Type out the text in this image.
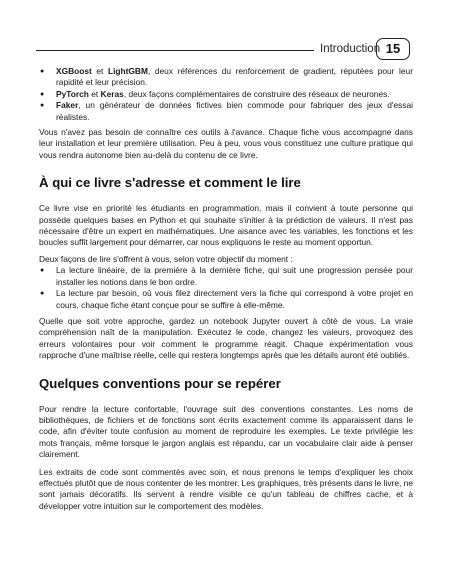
Introduction 15
● XGBoost et LightGBM, deux références du renforcement de gradient, réputées pour leur rapidité et leur précision.
● PyTorch et Keras, deux façons complémentaires de construire des réseaux de neurones.
● Faker, un générateur de données fictives bien commode pour fabriquer des jeux d'essai réalistes.

Vous n'avez pas besoin de connaître ces outils à l'avance. Chaque fiche vous accompagne dans leur installation et leur première utilisation. Peu à peu, vous vous constituez une culture pratique qui vous rendra autonome bien au-delà du contenu de ce livre.

À qui ce livre s'adresse et comment le lire

Ce livre vise en priorité les étudiants en programmation, mais il convient à toute personne qui possède quelques bases en Python et qui souhaite s'initier à la prédiction de valeurs. Il n'est pas nécessaire d'être un expert en mathématiques. Une aisance avec les variables, les fonctions et les boucles suffit largement pour démarrer, car nous expliquons le reste au moment opportun.

Deux façons de lire s'offrent à vous, selon votre objectif du moment :

● La lecture linéaire, de la première à la dernière fiche, qui suit une progression pensée pour installer les notions dans le bon ordre.
● La lecture par besoin, où vous filez directement vers la fiche qui correspond à votre projet en cours, chaque fiche étant conçue pour se suffire à elle-même.

Quelle que soit votre approche, gardez un notebook Jupyter ouvert à côté de vous. La vraie compréhension naît de la manipulation. Exécutez le code, changez les valeurs, provoquez des erreurs volontaires pour voir comment le programme réagit. Chaque expérimentation vous rapproche d'une maîtrise réelle, celle qui restera longtemps après que les détails auront été oubliés.

Quelques conventions pour se repérer

Pour rendre la lecture confortable, l'ouvrage suit des conventions constantes. Les noms de bibliothèques, de fichiers et de fonctions sont écrits exactement comme ils apparaissent dans le code, afin d'éviter toute confusion au moment de reproduire les exemples. Le texte privilégie les mots français, même lorsque le jargon anglais est répandu, car un vocabulaire clair aide à penser clairement.

Les extraits de code sont commentés avec soin, et nous prenons le temps d'expliquer les choix effectués plutôt que de nous contenter de les montrer. Les graphiques, très présents dans le livre, ne sont jamais décoratifs. Ils servent à rendre visible ce qu'un tableau de chiffres cache, et à développer votre intuition sur le comportement des modèles.
